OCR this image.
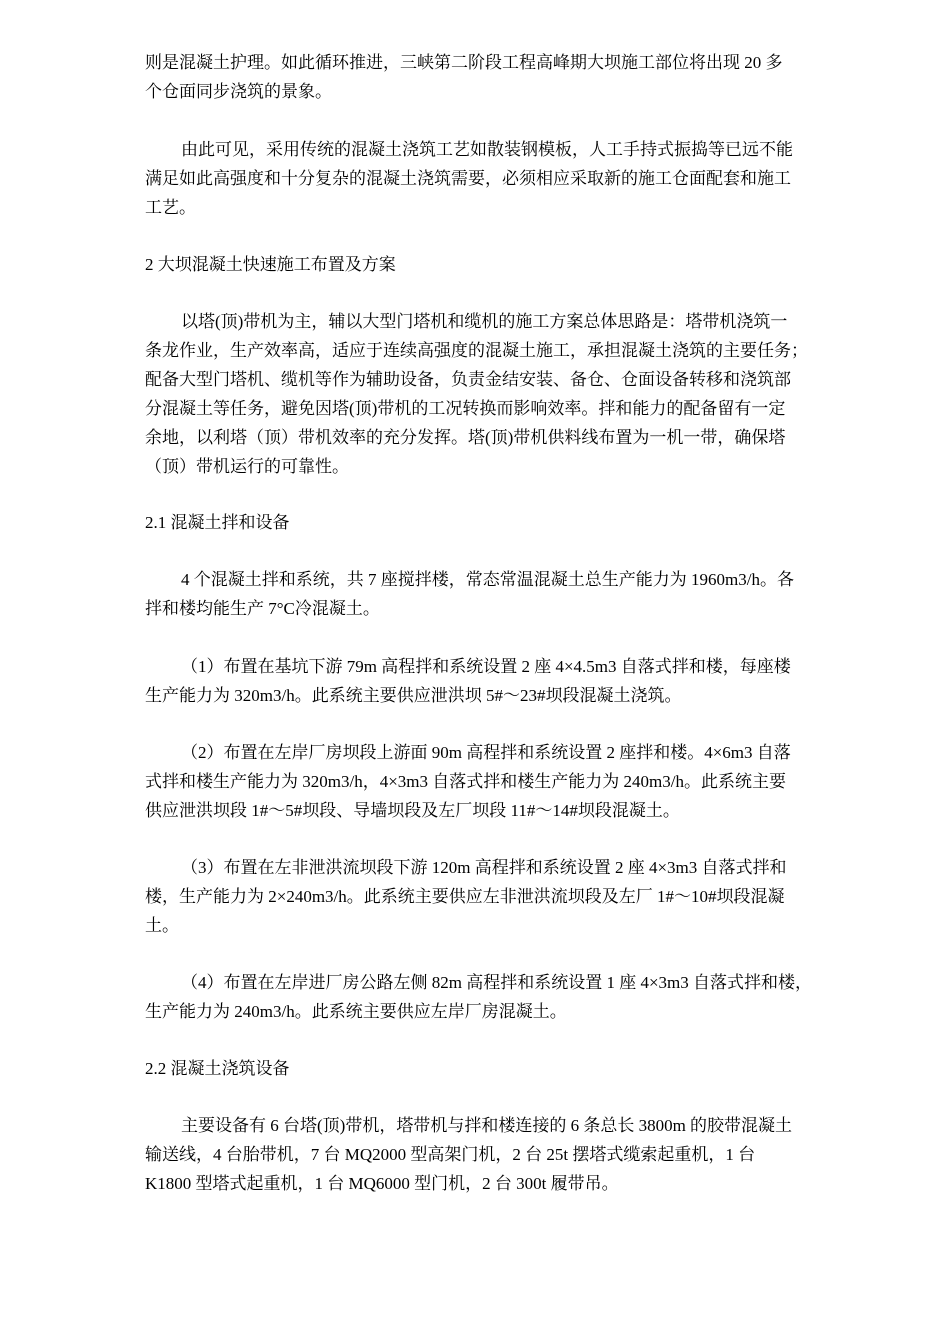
则是混凝土护理。如此循环推进，三峡第二阶段工程高峰期大坝施工部位将出现 20 多
个仓面同步浇筑的景象。

由此可见，采用传统的混凝土浇筑工艺如散装钢模板，人工手持式振捣等已远不能
满足如此高强度和十分复杂的混凝土浇筑需要，必须相应采取新的施工仓面配套和施工
工艺。

2 大坝混凝土快速施工布置及方案

以塔(顶)带机为主，辅以大型门塔机和缆机的施工方案总体思路是：塔带机浇筑一
条龙作业，生产效率高，适应于连续高强度的混凝土施工，承担混凝土浇筑的主要任务；
配备大型门塔机、缆机等作为辅助设备，负责金结安装、备仓、仓面设备转移和浇筑部
分混凝土等任务，避免因塔(顶)带机的工况转换而影响效率。拌和能力的配备留有一定
余地，以利塔（顶）带机效率的充分发挥。塔(顶)带机供料线布置为一机一带，确保塔
（顶）带机运行的可靠性。

2.1 混凝土拌和设备

4 个混凝土拌和系统，共 7 座搅拌楼，常态常温混凝土总生产能力为 1960m3/h。各
拌和楼均能生产 7°C冷混凝土。

（1）布置在基坑下游 79m 高程拌和系统设置 2 座 4×4.5m3 自落式拌和楼，每座楼
生产能力为 320m3/h。此系统主要供应泄洪坝 5#～23#坝段混凝土浇筑。

（2）布置在左岸厂房坝段上游面 90m 高程拌和系统设置 2 座拌和楼。4×6m3 自落
式拌和楼生产能力为 320m3/h，4×3m3 自落式拌和楼生产能力为 240m3/h。此系统主要
供应泄洪坝段 1#～5#坝段、导墙坝段及左厂坝段 11#～14#坝段混凝土。

（3）布置在左非泄洪流坝段下游 120m 高程拌和系统设置 2 座 4×3m3 自落式拌和
楼，生产能力为 2×240m3/h。此系统主要供应左非泄洪流坝段及左厂 1#～10#坝段混凝
土。

（4）布置在左岸进厂房公路左侧 82m 高程拌和系统设置 1 座 4×3m3 自落式拌和楼，
生产能力为 240m3/h。此系统主要供应左岸厂房混凝土。

2.2 混凝土浇筑设备

主要设备有 6 台塔(顶)带机，塔带机与拌和楼连接的 6 条总长 3800m 的胶带混凝土
输送线，4 台胎带机，7 台 MQ2000 型高架门机，2 台 25t 摆塔式缆索起重机，1 台
K1800 型塔式起重机，1 台 MQ6000 型门机，2 台 300t 履带吊。
